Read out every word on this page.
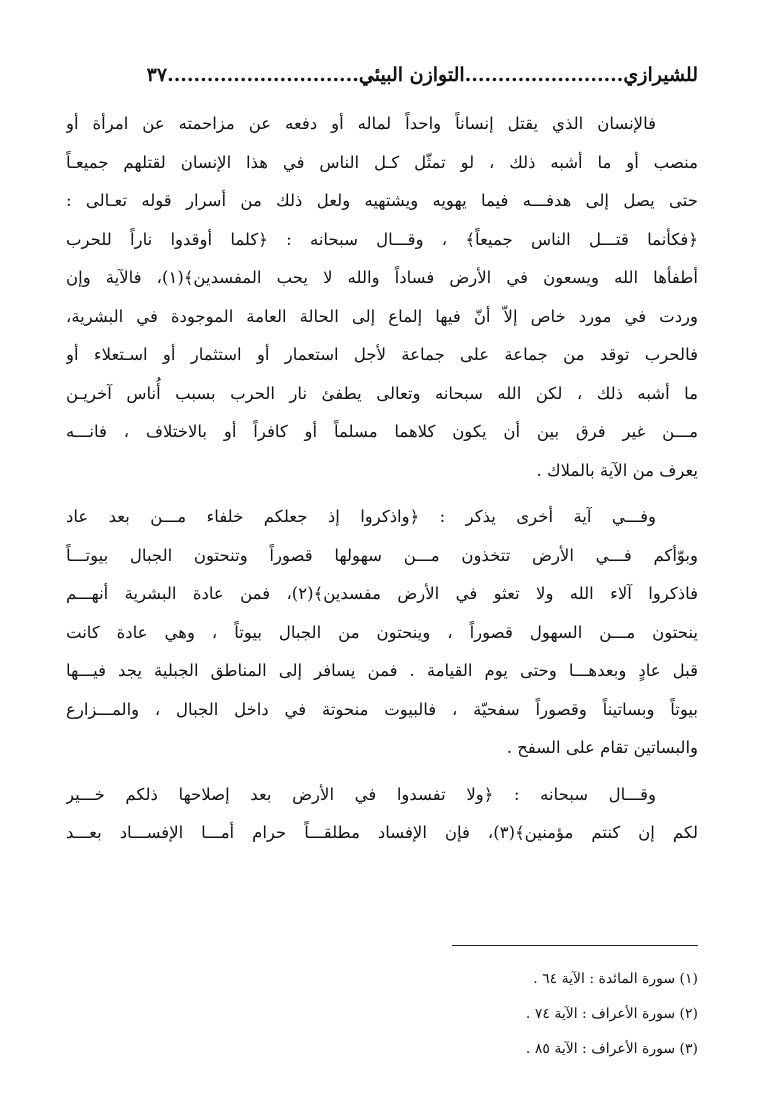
للشيرازي
........................
التوازن البيئي
.............................
٣٧
فالإنسان الذي يقتل إنساناً واحداً لماله أو دفعه عن مزاحمته عن امرأة أو
منصب أو ما أشبه ذلك ، لو تمثّل كـل الناس في هذا الإنسان لقتلهم جميعـاً
حتى يصل إلى هدفـــه فيما يهويه ويشتهيه ولعل ذلك من أسرار قوله تعـالى :
﴿فكأنما قتـــل الناس جميعاً﴾ ، وقـــال سبحانه : ﴿كلما أوقدوا ناراً للحرب
أطفأها الله ويسعون في الأرض فساداً والله لا يحب المفسدين﴾(١)، فالآية وإن
وردت في مورد خاص إلاّ أنّ فيها إلماع إلى الحالة العامة الموجودة في البشرية،
فالحرب توقد من جماعة على جماعة لأجل استعمار أو استثمار أو اسـتعلاء أو
ما أشبه ذلك ، لكن الله سبحانه وتعالى يطفئ نار الحرب بسبب أُناس آخريـن
مـــن غير فرق بين أن يكون كلاهما مسلماً أو كافراً أو بالاختلاف ، فانـــه
يعرف من الآية بالملاك .
وفـــي آية أخرى يذكر : ﴿واذكروا إذ جعلكم خلفاء مـــن بعد عاد
وبوّأكم فـــي الأرض تتخذون مـــن سهولها قصوراً وتنحتون الجبال بيوتـــاً
فاذكروا آلاء الله ولا تعثو في الأرض مفسدين﴾(٢)، فمن عادة البشرية أنهـــم
ينحتون مـــن السهول قصوراً ، وينحتون من الجبال بيوتاً ، وهي عادة كانت
قبل عادٍ وبعدهـــا وحتى يوم القيامة . فمن يسافر إلى المناطق الجبلية يجد فيـــها
بيوتاً وبساتيناً وقصوراً سفحيّة ، فالبيوت منحوتة في داخل الجبال ، والمـــزارع
والبساتين تقام على السفح .
وقـــال سبحانه : ﴿ولا تفسدوا في الأرض بعد إصلاحها ذلكم خـــير
لكم إن كنتم مؤمنين﴾(٣)، فإن الإفساد مطلقـــاً حرام أمـــا الإفســـاد بعـــد
(١) سورة المائدة : الآية ٦٤ .
(٢) سورة الأعراف : الآية ٧٤ .
(٣) سورة الأعراف : الآية ٨٥ .
